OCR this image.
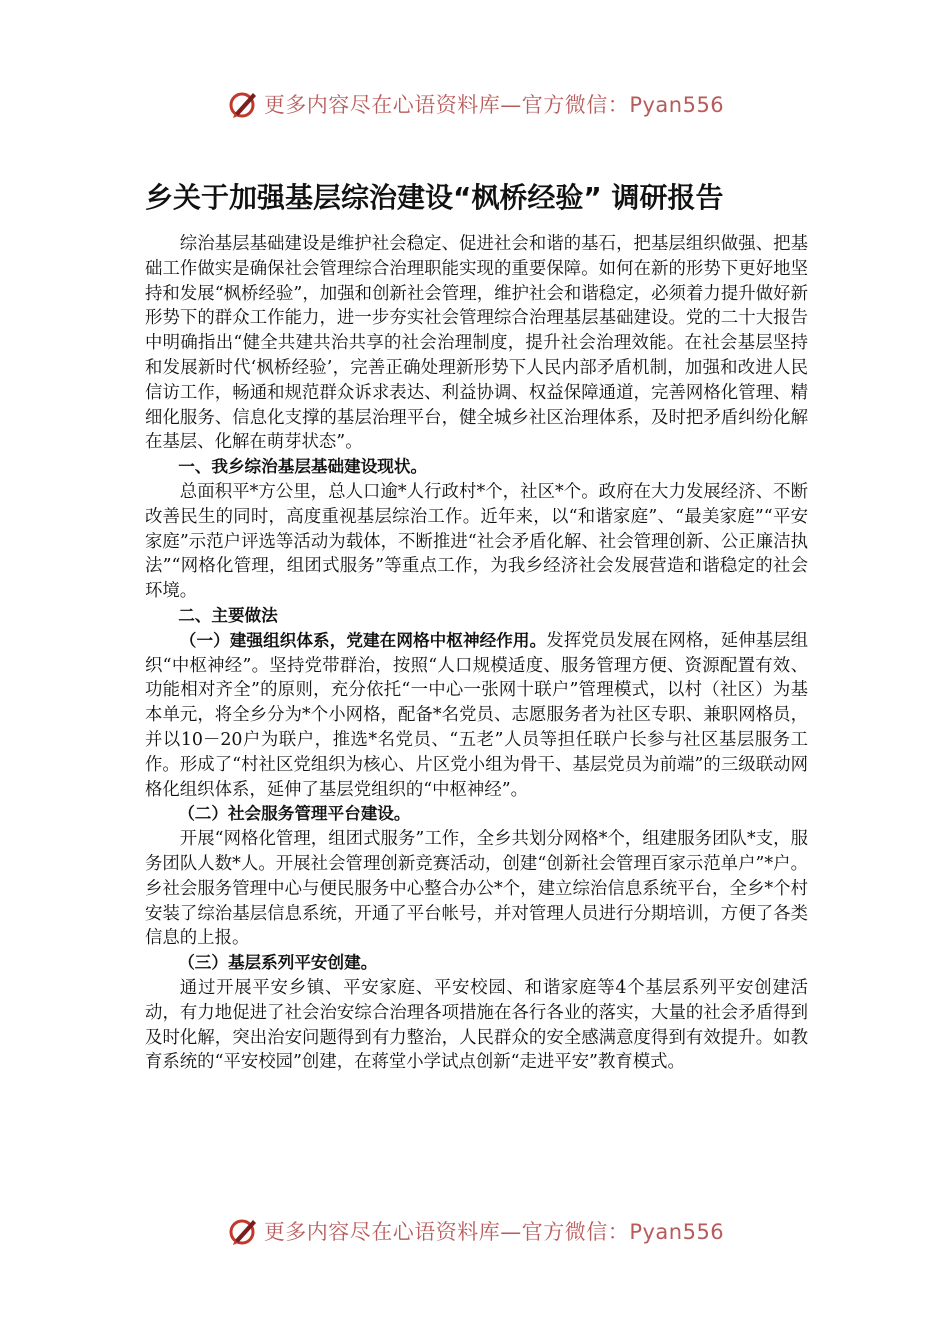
更多内容尽在心语资料库—官方微信：Pyan556
乡关于加强基层综治建设“枫桥经验” 调研报告

综治基层基础建设是维护社会稳定、促进社会和谐的基石，把基层组织做强、把基础工作做实是确保社会管理综合治理职能实现的重要保障。如何在新的形势下更好地坚持和发展“枫桥经验”，加强和创新社会管理，维护社会和谐稳定，必须着力提升做好新形势下的群众工作能力，进一步夯实社会管理综合治理基层基础建设。党的二十大报告中明确指出“健全共建共治共享的社会治理制度，提升社会治理效能。在社会基层坚持和发展新时代‘枫桥经验’，完善正确处理新形势下人民内部矛盾机制，加强和改进人民信访工作，畅通和规范群众诉求表达、利益协调、权益保障通道，完善网格化管理、精细化服务、信息化支撑的基层治理平台，健全城乡社区治理体系，及时把矛盾纠纷化解在基层、化解在萌芽状态”。

一、我乡综治基层基础建设现状。

总面积平*方公里，总人口逾*人行政村*个，社区*个。政府在大力发展经济、不断改善民生的同时，高度重视基层综治工作。近年来，以“和谐家庭”、“最美家庭”“平安家庭”示范户评选等活动为载体，不断推进“社会矛盾化解、社会管理创新、公正廉洁执法”“网格化管理，组团式服务”等重点工作，为我乡经济社会发展营造和谐稳定的社会环境。

二、主要做法

（一）建强组织体系，党建在网格中枢神经作用。发挥党员发展在网格，延伸基层组织“中枢神经”。坚持党带群治，按照“人口规模适度、服务管理方便、资源配置有效、功能相对齐全”的原则，充分依托“一中心一张网十联户”管理模式，以村（社区）为基本单元，将全乡分为*个小网格，配备*名党员、志愿服务者为社区专职、兼职网格员，并以10－20户为联户，推选*名党员、“五老”人员等担任联户长参与社区基层服务工作。形成了“村社区党组织为核心、片区党小组为骨干、基层党员为前端”的三级联动网格化组织体系，延伸了基层党组织的“中枢神经”。

（二）社会服务管理平台建设。

开展“网格化管理，组团式服务”工作，全乡共划分网格*个，组建服务团队*支，服务团队人数*人。开展社会管理创新竞赛活动，创建“创新社会管理百家示范单户”*户。乡社会服务管理中心与便民服务中心整合办公*个，建立综治信息系统平台，全乡*个村安装了综治基层信息系统，开通了平台帐号，并对管理人员进行分期培训，方便了各类信息的上报。

（三）基层系列平安创建。

通过开展平安乡镇、平安家庭、平安校园、和谐家庭等4个基层系列平安创建活动，有力地促进了社会治安综合治理各项措施在各行各业的落实，大量的社会矛盾得到及时化解，突出治安问题得到有力整治，人民群众的安全感满意度得到有效提升。如教育系统的“平安校园”创建，在蒋堂小学试点创新“走进平安”教育模式。

更多内容尽在心语资料库—官方微信：Pyan556
